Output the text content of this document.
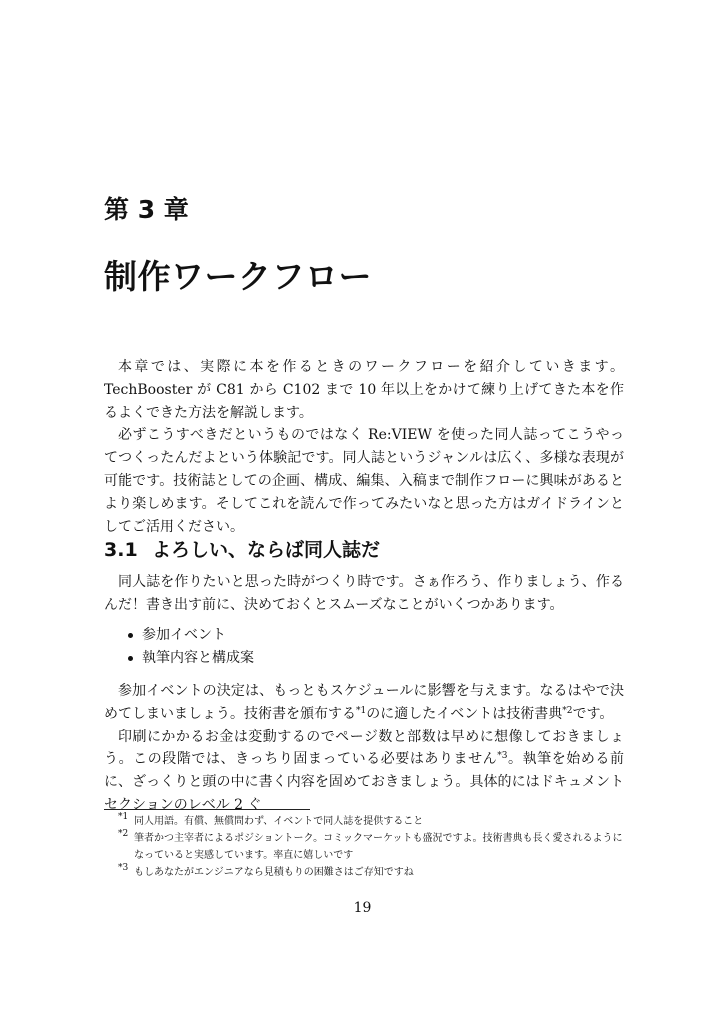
第 3 章
制作ワークフロー

本章では、実際に本を作るときのワークフローを紹介していきます。TechBooster が C81 から C102 まで 10 年以上をかけて練り上げてきた本を作るよくできた方法を解説します。

必ずこうすべきだというものではなく Re:VIEW を使った同人誌ってこうやってつくったんだよという体験記です。同人誌というジャンルは広く、多様な表現が可能です。技術誌としての企画、構成、編集、入稿まで制作フローに興味があるとより楽しめます。そしてこれを読んで作ってみたいなと思った方はガイドラインとしてご活用ください。

3.1 よろしい、ならば同人誌だ

同人誌を作りたいと思った時がつくり時です。さぁ作ろう、作りましょう、作るんだ！書き出す前に、決めておくとスムーズなことがいくつかあります。

参加イベント
執筆内容と構成案

参加イベントの決定は、もっともスケジュールに影響を与えます。なるはやで決めてしまいましょう。技術書を頒布する$^{*1}$のに適したイベントは技術書典$^{*2}$です。

印刷にかかるお金は変動するのでページ数と部数は早めに想像しておきましょう。この段階では、きっちり固まっている必要はありません$^{*3}$。執筆を始める前に、ざっくりと頭の中に書く内容を固めておきましょう。具体的にはドキュメントセクションのレベル 2 ぐ

$^{*1}$ 同人用語。有償、無償問わず、イベントで同人誌を提供すること
$^{*2}$ 筆者かつ主宰者によるポジショントーク。コミックマーケットも盛況ですよ。技術書典も長く愛されるようになっていると実感しています。率直に嬉しいです
$^{*3}$ もしあなたがエンジニアなら見積もりの困難さはご存知ですね
19
